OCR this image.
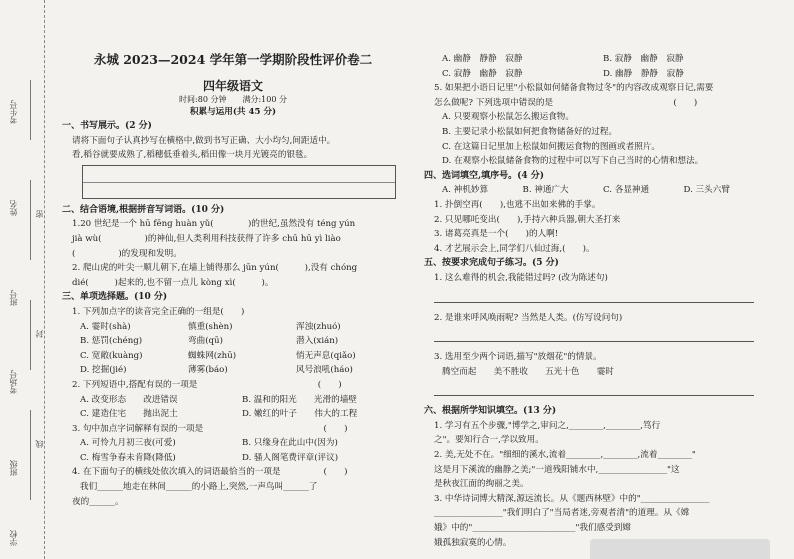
考生号
姓名
班号
考场号
班级
学校
密
封
线
永城 2023—2024 学年第一学期阶段性评价卷二
四年级语文
时间:80 分钟　　满分:100 分
积累与运用(共 45 分)
一、书写展示。(2 分)
请将下面句子认真抄写在横格中,做到书写正确、大小均匀,间距适中。
看,稻谷就要成熟了,稻穗低垂着头,稻田像一块月光镀亮的银毯。
二、结合语境,根据拼音写词语。(10 分)
1.20 世纪是一个 hū fēng huàn yǔ(　　　　)的世纪,虽然没有 téng yún
jià wù(　　　　　)的神仙,但人类利用科技获得了许多 chū hū yì liào
(　　　　　)的发现和发明。
2. 爬山虎的叶尖一顺儿朝下,在墙上铺得那么 jūn yún(　　　),没有 chóng
dié(　　　)起来的,也不留一点儿 kòng xì(　　　)。
三、单项选择题。(10 分)
1. 下列加点字的读音完全正确的一组是(　　)
A. 霎时(shà)	慎重(shèn)	浑浊(zhuó)
B. 惩罚(chéng)	弯曲(qū)	潜入(xián)
C. 宽敞(kuàng)	蜘蛛网(zhū)	悄无声息(qiǎo)
D. 挖掘(jié)	薄雾(báo)	风号浪吼(háo)
2. 下列短语中,搭配有误的一项是　　　　　　　　　　　　　　(　　)
A. 改变形态　　改进错误	B. 温和的阳光　　光滑的墙壁
C. 建造住宅　　抛出泥土	D. 嫩红的叶子　　伟大的工程
3. 句中加点字词解释有误的一项是　　　　　　　　　　　　　　(　　)
A. 可怜九月初三夜(可爱)	B. 只缘身在此山中(因为)
C. 梅雪争春未肯降(降低)	D. 骚人阁笔费评章(评议)
4. 在下面句子的横线处依次填入的词语最恰当的一项是　　　　　(　　)
我们______地走在林间______的小路上,突然,一声鸟叫______了
夜的______。
A. 幽静　静静　寂静	B. 寂静　幽静　寂静
C. 寂静　幽静　寂静	D. 幽静　静静　寂静
5. 如果把小语日记里"小松鼠如何储备食物过冬"的内容改成观察日记,需要
怎么做呢? 下列选项中错误的是　　　　　　　　　　　　　　(　　)
A. 只要观察小松鼠怎么搬运食物。
B. 主要记录小松鼠如何把食物储备好的过程。
C. 在这篇日记里加上松鼠如何搬运食物的图画或者照片。
D. 在观察小松鼠储备食物的过程中可以写下自己当时的心情和想法。
四、选词填空,填序号。(4 分)
A. 神机妙算	B. 神通广大	C. 各显神通	D. 三头六臂
1. 扑倒空再(　　),也逃不出如来佛的手掌。
2. 只见哪吒变出(　　),手持六种兵器,朝大圣打来
3. 诸葛亮真是一个(　　)的人啊!
4. 才艺展示会上,同学们八仙过海,(　　)。
五、按要求完成句子练习。(5 分)
1. 这么难得的机会,我能错过吗? (改为陈述句)
2. 是谁来呼风唤雨呢? 当然是人类。(仿写设问句)
3. 选用至少两个词语,描写"放烟花"的情景。
腾空而起　　美不胜收　　五光十色　　霎时
六、根据所学知识填空。(13 分)
1. 学习有五个步骤,"博学之,审问之,________,________,笃行
之"。要知行合一,学以致用。
2. 美,无处不在。"细细的溪水,流着________,________,流着________"
这是月下溪流的幽静之美;"一道残阳铺水中,________________"这
是秋夜江面的绚丽之美。
3. 中华诗词博大精深,源远流长。从《题西林壁》中的"________________
________________"我们明白了"当局者迷,旁观者清"的道理。从《嫦
娥》中的"________________________"我们感受到嫦
娥孤独寂寞的心情。
